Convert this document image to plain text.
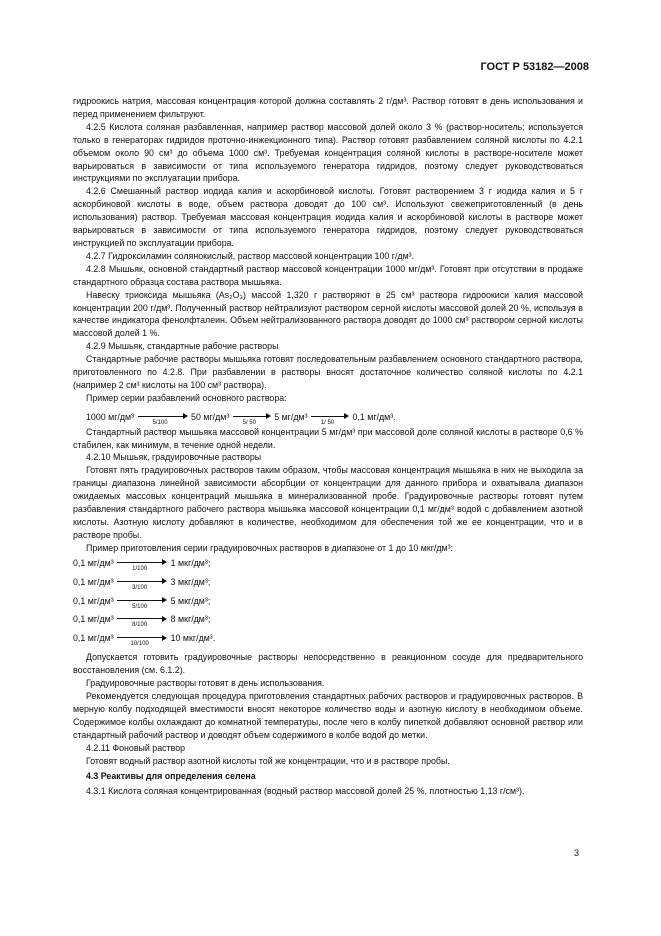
ГОСТ Р 53182—2008

гидроокись натрия, массовая концентрация которой должна составлять 2 г/дм³. Раствор готовят в день использования и перед применением фильтруют.

4.2.5 Кислота соляная разбавленная, например раствор массовой долей около 3 % (раствор-носитель; используется только в генераторах гидридов проточно-инжекционного типа). Раствор готовят разбавлением соляной кислоты по 4.2.1 объемом около 90 см³ до объема 1000 см³. Требуемая концентрация соляной кислоты в растворе-носителе может варьироваться в зависимости от типа используемого генератора гидридов, поэтому следует руководствоваться инструкциями по эксплуатации прибора.

4.2.6 Смешанный раствор иодида калия и аскорбиновой кислоты. Готовят растворением 3 г иодида калия и 5 г аскорбиновой кислоты в воде, объем раствора доводят до 100 см³. Используют свежеприготовленный (в день использования) раствор. Требуемая массовая концентрация иодида калия и аскорбиновой кислоты в растворе может варьироваться в зависимости от типа используемого генератора гидридов, поэтому следует руководствоваться инструкцией по эксплуатации прибора.

4.2.7 Гидроксиламин солянокислый, раствор массовой концентрации 100 г/дм³.

4.2.8 Мышьяк, основной стандартный раствор массовой концентрации 1000 мг/дм³. Готовят при отсутствии в продаже стандартного образца состава раствора мышьяка.

Навеску триоксида мышьяка (As₂O₃) массой 1,320 г растворяют в 25 см³ раствора гидроокиси калия массовой концентрации 200 г/дм³. Полученный раствор нейтрализуют раствором серной кислоты массовой долей 20 %, используя в качестве индикатора фенолфталеин. Объем нейтрализованного раствора доводят до 1000 см³ раствором серной кислоты массовой долей 1 %.

4.2.9 Мышьяк, стандартные рабочие растворы

Стандартные рабочие растворы мышьяка готовят последовательным разбавлением основного стандартного раствора, приготовленного по 4.2.8. При разбавлении в растворы вносят достаточное количество соляной кислоты по 4.2.1 (например 2 см³ кислоты на 100 см³ раствора).

Пример серии разбавлений основного раствора:

1000 мг/дм³
5/100
50 мг/дм³
5/ 50
5 мг/дм³
1/ 50
0,1 мг/дм³.

Стандартный раствор мышьяка массовой концентрации 5 мг/дм³ при массовой доле соляной кислоты в растворе 0,6 % стабилен, как минимум, в течение одной недели.

4.2.10 Мышьяк, градуировочные растворы

Готовят пять градуировочных растворов таким образом, чтобы массовая концентрация мышьяка в них не выходила за границы диапазона линейной зависимости абсорбции от концентрации для данного прибора и охватывала диапазон ожидаемых массовых концентраций мышьяка в минерализованной пробе. Градуировочные растворы готовят путем разбавления стандартного рабочего раствора мышьяка массовой концентрации 0,1 мг/дм³ водой с добавлением азотной кислоты. Азотную кислоту добавляют в количестве, необходимом для обеспечения той же ее концентрации, что и в растворе пробы.

Пример приготовления серии градуировочных растворов в диапазоне от 1 до 10 мкг/дм³:

0,1 мг/дм³
1/100
1 мкг/дм³;
0,1 мг/дм³
3/100
3 мкг/дм³;
0,1 мг/дм³
5/100
5 мкг/дм³;
0,1 мг/дм³
8/100
8 мкг/дм³;
0,1 мг/дм³
10/100
10 мкг/дм³.

Допускается готовить градуировочные растворы непосредственно в реакционном сосуде для предварительного восстановления (см. 6.1.2).

Градуировочные растворы готовят в день использования.

Рекомендуется следующая процедура приготовления стандартных рабочих растворов и градуировочных растворов. В мерную колбу подходящей вместимости вносят некоторое количество воды и азотную кислоту в необходимом объеме. Содержимое колбы охлаждают до комнатной температуры, после чего в колбу пипеткой добавляют основной раствор или стандартный рабочий раствор и доводят объем содержимого в колбе водой до метки.

4.2.11 Фоновый раствор

Готовят водный раствор азотной кислоты той же концентрации, что и в растворе пробы.

4.3 Реактивы для определения селена

4.3.1 Кислота соляная концентрированная (водный раствор массовой долей 25 %, плотностью 1,13 г/см³).

3
